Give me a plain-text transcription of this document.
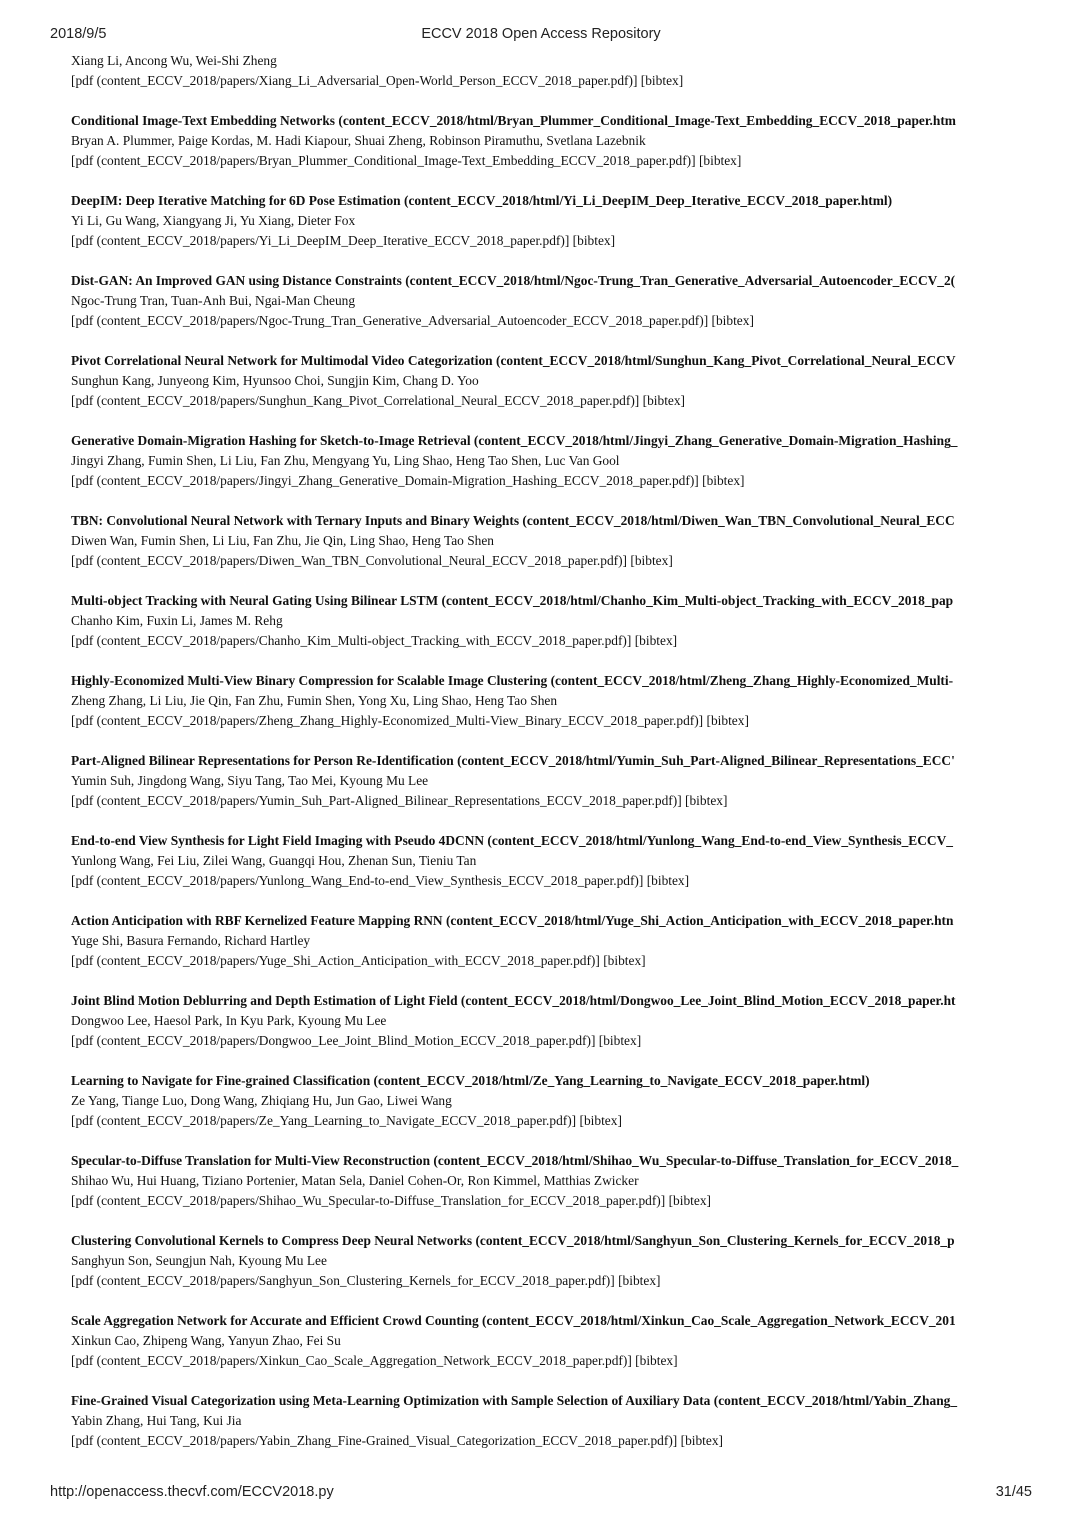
2018/9/5	ECCV 2018 Open Access Repository
Xiang Li, Ancong Wu, Wei-Shi Zheng
[pdf (content_ECCV_2018/papers/Xiang_Li_Adversarial_Open-World_Person_ECCV_2018_paper.pdf)] [bibtex]
Conditional Image-Text Embedding Networks (content_ECCV_2018/html/Bryan_Plummer_Conditional_Image-Text_Embedding_ECCV_2018_paper.htm
Bryan A. Plummer, Paige Kordas, M. Hadi Kiapour, Shuai Zheng, Robinson Piramuthu, Svetlana Lazebnik
[pdf (content_ECCV_2018/papers/Bryan_Plummer_Conditional_Image-Text_Embedding_ECCV_2018_paper.pdf)] [bibtex]
DeepIM: Deep Iterative Matching for 6D Pose Estimation (content_ECCV_2018/html/Yi_Li_DeepIM_Deep_Iterative_ECCV_2018_paper.html)
Yi Li, Gu Wang, Xiangyang Ji, Yu Xiang, Dieter Fox
[pdf (content_ECCV_2018/papers/Yi_Li_DeepIM_Deep_Iterative_ECCV_2018_paper.pdf)] [bibtex]
Dist-GAN: An Improved GAN using Distance Constraints (content_ECCV_2018/html/Ngoc-Trung_Tran_Generative_Adversarial_Autoencoder_ECCV_2(
Ngoc-Trung Tran, Tuan-Anh Bui, Ngai-Man Cheung
[pdf (content_ECCV_2018/papers/Ngoc-Trung_Tran_Generative_Adversarial_Autoencoder_ECCV_2018_paper.pdf)] [bibtex]
Pivot Correlational Neural Network for Multimodal Video Categorization (content_ECCV_2018/html/Sunghun_Kang_Pivot_Correlational_Neural_ECCV
Sunghun Kang, Junyeong Kim, Hyunsoo Choi, Sungjin Kim, Chang D. Yoo
[pdf (content_ECCV_2018/papers/Sunghun_Kang_Pivot_Correlational_Neural_ECCV_2018_paper.pdf)] [bibtex]
Generative Domain-Migration Hashing for Sketch-to-Image Retrieval (content_ECCV_2018/html/Jingyi_Zhang_Generative_Domain-Migration_Hashing_
Jingyi Zhang, Fumin Shen, Li Liu, Fan Zhu, Mengyang Yu, Ling Shao, Heng Tao Shen, Luc Van Gool
[pdf (content_ECCV_2018/papers/Jingyi_Zhang_Generative_Domain-Migration_Hashing_ECCV_2018_paper.pdf)] [bibtex]
TBN: Convolutional Neural Network with Ternary Inputs and Binary Weights (content_ECCV_2018/html/Diwen_Wan_TBN_Convolutional_Neural_ECC
Diwen Wan, Fumin Shen, Li Liu, Fan Zhu, Jie Qin, Ling Shao, Heng Tao Shen
[pdf (content_ECCV_2018/papers/Diwen_Wan_TBN_Convolutional_Neural_ECCV_2018_paper.pdf)] [bibtex]
Multi-object Tracking with Neural Gating Using Bilinear LSTM (content_ECCV_2018/html/Chanho_Kim_Multi-object_Tracking_with_ECCV_2018_pap
Chanho Kim, Fuxin Li, James M. Rehg
[pdf (content_ECCV_2018/papers/Chanho_Kim_Multi-object_Tracking_with_ECCV_2018_paper.pdf)] [bibtex]
Highly-Economized Multi-View Binary Compression for Scalable Image Clustering (content_ECCV_2018/html/Zheng_Zhang_Highly-Economized_Multi-
Zheng Zhang, Li Liu, Jie Qin, Fan Zhu, Fumin Shen, Yong Xu, Ling Shao, Heng Tao Shen
[pdf (content_ECCV_2018/papers/Zheng_Zhang_Highly-Economized_Multi-View_Binary_ECCV_2018_paper.pdf)] [bibtex]
Part-Aligned Bilinear Representations for Person Re-Identification (content_ECCV_2018/html/Yumin_Suh_Part-Aligned_Bilinear_Representations_ECC'
Yumin Suh, Jingdong Wang, Siyu Tang, Tao Mei, Kyoung Mu Lee
[pdf (content_ECCV_2018/papers/Yumin_Suh_Part-Aligned_Bilinear_Representations_ECCV_2018_paper.pdf)] [bibtex]
End-to-end View Synthesis for Light Field Imaging with Pseudo 4DCNN (content_ECCV_2018/html/Yunlong_Wang_End-to-end_View_Synthesis_ECCV_
Yunlong Wang, Fei Liu, Zilei Wang, Guangqi Hou, Zhenan Sun, Tieniu Tan
[pdf (content_ECCV_2018/papers/Yunlong_Wang_End-to-end_View_Synthesis_ECCV_2018_paper.pdf)] [bibtex]
Action Anticipation with RBF Kernelized Feature Mapping RNN (content_ECCV_2018/html/Yuge_Shi_Action_Anticipation_with_ECCV_2018_paper.htn
Yuge Shi, Basura Fernando, Richard Hartley
[pdf (content_ECCV_2018/papers/Yuge_Shi_Action_Anticipation_with_ECCV_2018_paper.pdf)] [bibtex]
Joint Blind Motion Deblurring and Depth Estimation of Light Field (content_ECCV_2018/html/Dongwoo_Lee_Joint_Blind_Motion_ECCV_2018_paper.ht
Dongwoo Lee, Haesol Park, In Kyu Park, Kyoung Mu Lee
[pdf (content_ECCV_2018/papers/Dongwoo_Lee_Joint_Blind_Motion_ECCV_2018_paper.pdf)] [bibtex]
Learning to Navigate for Fine-grained Classification (content_ECCV_2018/html/Ze_Yang_Learning_to_Navigate_ECCV_2018_paper.html)
Ze Yang, Tiange Luo, Dong Wang, Zhiqiang Hu, Jun Gao, Liwei Wang
[pdf (content_ECCV_2018/papers/Ze_Yang_Learning_to_Navigate_ECCV_2018_paper.pdf)] [bibtex]
Specular-to-Diffuse Translation for Multi-View Reconstruction (content_ECCV_2018/html/Shihao_Wu_Specular-to-Diffuse_Translation_for_ECCV_2018_
Shihao Wu, Hui Huang, Tiziano Portenier, Matan Sela, Daniel Cohen-Or, Ron Kimmel, Matthias Zwicker
[pdf (content_ECCV_2018/papers/Shihao_Wu_Specular-to-Diffuse_Translation_for_ECCV_2018_paper.pdf)] [bibtex]
Clustering Convolutional Kernels to Compress Deep Neural Networks (content_ECCV_2018/html/Sanghyun_Son_Clustering_Kernels_for_ECCV_2018_p
Sanghyun Son, Seungjun Nah, Kyoung Mu Lee
[pdf (content_ECCV_2018/papers/Sanghyun_Son_Clustering_Kernels_for_ECCV_2018_paper.pdf)] [bibtex]
Scale Aggregation Network for Accurate and Efficient Crowd Counting (content_ECCV_2018/html/Xinkun_Cao_Scale_Aggregation_Network_ECCV_201
Xinkun Cao, Zhipeng Wang, Yanyun Zhao, Fei Su
[pdf (content_ECCV_2018/papers/Xinkun_Cao_Scale_Aggregation_Network_ECCV_2018_paper.pdf)] [bibtex]
Fine-Grained Visual Categorization using Meta-Learning Optimization with Sample Selection of Auxiliary Data (content_ECCV_2018/html/Yabin_Zhang_
Yabin Zhang, Hui Tang, Kui Jia
[pdf (content_ECCV_2018/papers/Yabin_Zhang_Fine-Grained_Visual_Categorization_ECCV_2018_paper.pdf)] [bibtex]
http://openaccess.thecvf.com/ECCV2018.py	31/45
